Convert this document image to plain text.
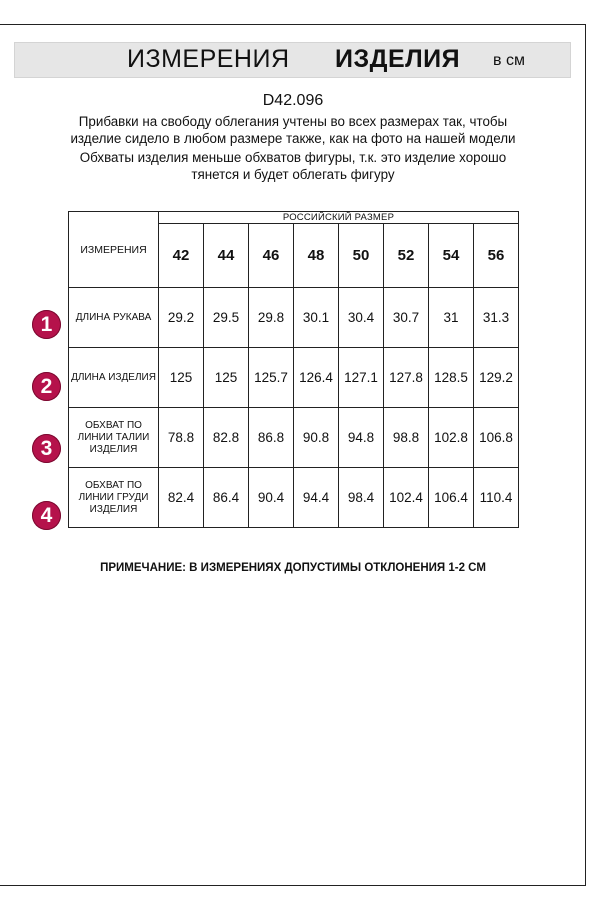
ИЗМЕРЕНИЯ ИЗДЕЛИЯ в см
D42.096

Прибавки на свободу облегания учтены во всех размерах так, чтобы изделие сидело в любом размере также, как на фото на нашей модели

Обхваты изделия меньше обхватов фигуры, т.к. это изделие хорошо тянется и будет облегать фигуру

1
2
3
4
ИЗМЕРЕНИЯ	РОССИЙСКИЙ РАЗМЕР							
	42	44	46	48	50	52	54	56
ДЛИНА РУКАВА	29.2	29.5	29.8	30.1	30.4	30.7	31	31.3
ДЛИНА ИЗДЕЛИЯ	125	125	125.7	126.4	127.1	127.8	128.5	129.2
ОБХВАТ ПО ЛИНИИ ТАЛИИ ИЗДЕЛИЯ	78.8	82.8	86.8	90.8	94.8	98.8	102.8	106.8
ОБХВАТ ПО ЛИНИИ ГРУДИ ИЗДЕЛИЯ	82.4	86.4	90.4	94.4	98.4	102.4	106.4	110.4
ПРИМЕЧАНИЕ: В ИЗМЕРЕНИЯХ ДОПУСТИМЫ ОТКЛОНЕНИЯ 1-2 СМ
